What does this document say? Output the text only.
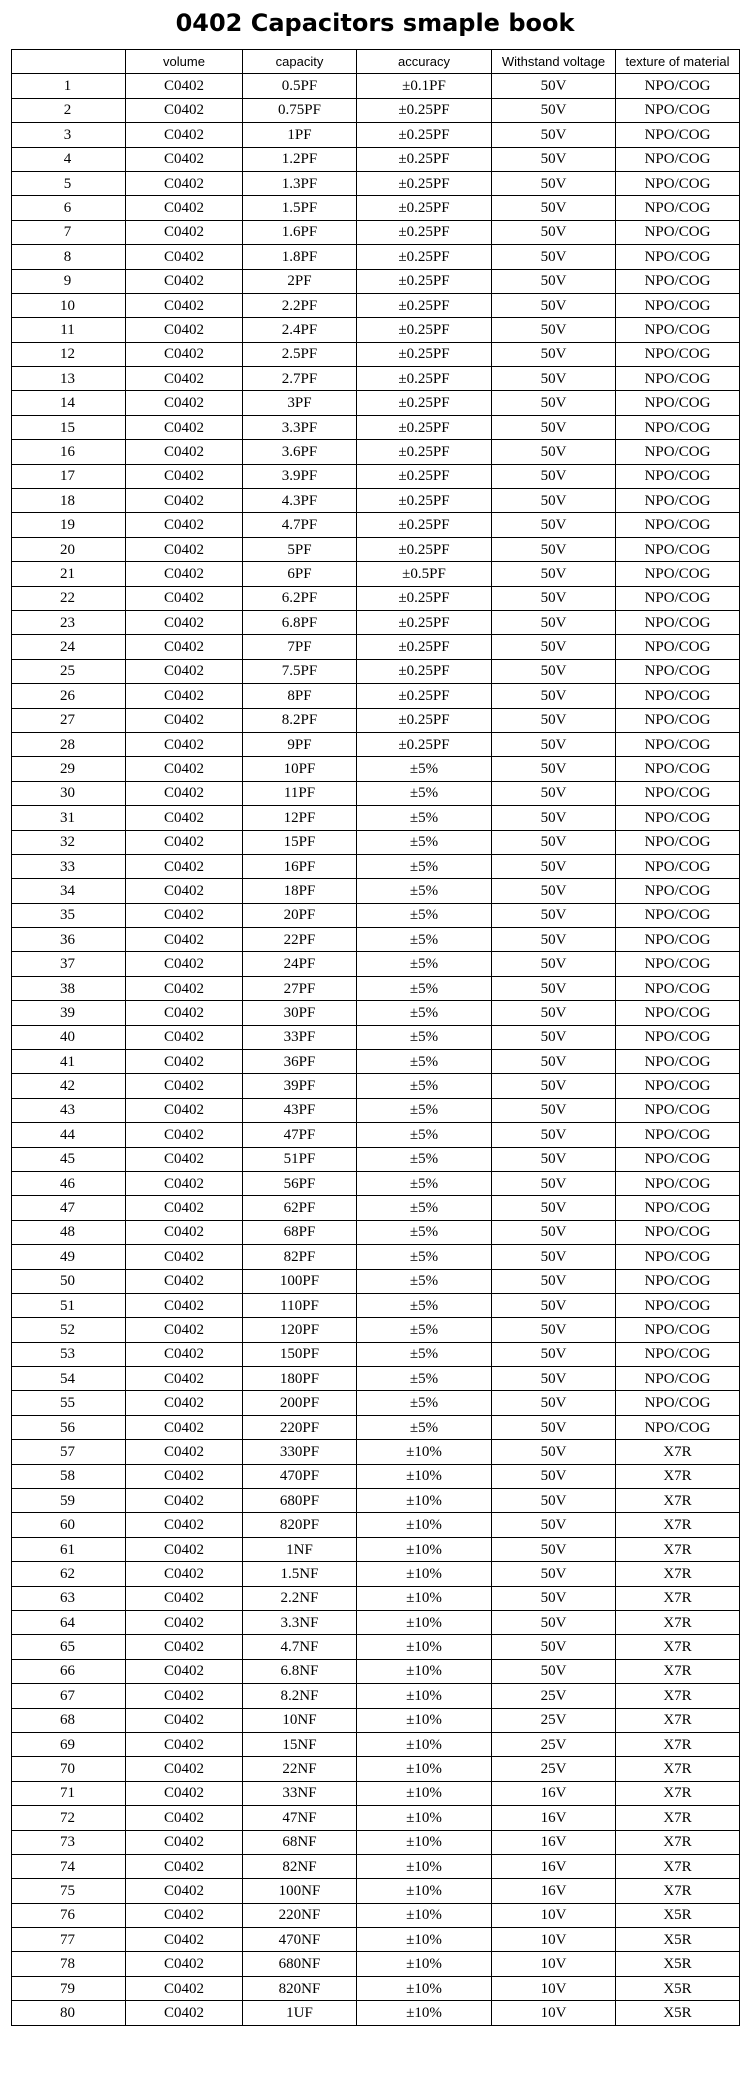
0402 Capacitors smaple book
	volume	capacity	accuracy	Withstand voltage	texture of material
1	C0402	0.5PF	±0.1PF	50V	NPO/COG
2	C0402	0.75PF	±0.25PF	50V	NPO/COG
3	C0402	1PF	±0.25PF	50V	NPO/COG
4	C0402	1.2PF	±0.25PF	50V	NPO/COG
5	C0402	1.3PF	±0.25PF	50V	NPO/COG
6	C0402	1.5PF	±0.25PF	50V	NPO/COG
7	C0402	1.6PF	±0.25PF	50V	NPO/COG
8	C0402	1.8PF	±0.25PF	50V	NPO/COG
9	C0402	2PF	±0.25PF	50V	NPO/COG
10	C0402	2.2PF	±0.25PF	50V	NPO/COG
11	C0402	2.4PF	±0.25PF	50V	NPO/COG
12	C0402	2.5PF	±0.25PF	50V	NPO/COG
13	C0402	2.7PF	±0.25PF	50V	NPO/COG
14	C0402	3PF	±0.25PF	50V	NPO/COG
15	C0402	3.3PF	±0.25PF	50V	NPO/COG
16	C0402	3.6PF	±0.25PF	50V	NPO/COG
17	C0402	3.9PF	±0.25PF	50V	NPO/COG
18	C0402	4.3PF	±0.25PF	50V	NPO/COG
19	C0402	4.7PF	±0.25PF	50V	NPO/COG
20	C0402	5PF	±0.25PF	50V	NPO/COG
21	C0402	6PF	±0.5PF	50V	NPO/COG
22	C0402	6.2PF	±0.25PF	50V	NPO/COG
23	C0402	6.8PF	±0.25PF	50V	NPO/COG
24	C0402	7PF	±0.25PF	50V	NPO/COG
25	C0402	7.5PF	±0.25PF	50V	NPO/COG
26	C0402	8PF	±0.25PF	50V	NPO/COG
27	C0402	8.2PF	±0.25PF	50V	NPO/COG
28	C0402	9PF	±0.25PF	50V	NPO/COG
29	C0402	10PF	±5%	50V	NPO/COG
30	C0402	11PF	±5%	50V	NPO/COG
31	C0402	12PF	±5%	50V	NPO/COG
32	C0402	15PF	±5%	50V	NPO/COG
33	C0402	16PF	±5%	50V	NPO/COG
34	C0402	18PF	±5%	50V	NPO/COG
35	C0402	20PF	±5%	50V	NPO/COG
36	C0402	22PF	±5%	50V	NPO/COG
37	C0402	24PF	±5%	50V	NPO/COG
38	C0402	27PF	±5%	50V	NPO/COG
39	C0402	30PF	±5%	50V	NPO/COG
40	C0402	33PF	±5%	50V	NPO/COG
41	C0402	36PF	±5%	50V	NPO/COG
42	C0402	39PF	±5%	50V	NPO/COG
43	C0402	43PF	±5%	50V	NPO/COG
44	C0402	47PF	±5%	50V	NPO/COG
45	C0402	51PF	±5%	50V	NPO/COG
46	C0402	56PF	±5%	50V	NPO/COG
47	C0402	62PF	±5%	50V	NPO/COG
48	C0402	68PF	±5%	50V	NPO/COG
49	C0402	82PF	±5%	50V	NPO/COG
50	C0402	100PF	±5%	50V	NPO/COG
51	C0402	110PF	±5%	50V	NPO/COG
52	C0402	120PF	±5%	50V	NPO/COG
53	C0402	150PF	±5%	50V	NPO/COG
54	C0402	180PF	±5%	50V	NPO/COG
55	C0402	200PF	±5%	50V	NPO/COG
56	C0402	220PF	±5%	50V	NPO/COG
57	C0402	330PF	±10%	50V	X7R
58	C0402	470PF	±10%	50V	X7R
59	C0402	680PF	±10%	50V	X7R
60	C0402	820PF	±10%	50V	X7R
61	C0402	1NF	±10%	50V	X7R
62	C0402	1.5NF	±10%	50V	X7R
63	C0402	2.2NF	±10%	50V	X7R
64	C0402	3.3NF	±10%	50V	X7R
65	C0402	4.7NF	±10%	50V	X7R
66	C0402	6.8NF	±10%	50V	X7R
67	C0402	8.2NF	±10%	25V	X7R
68	C0402	10NF	±10%	25V	X7R
69	C0402	15NF	±10%	25V	X7R
70	C0402	22NF	±10%	25V	X7R
71	C0402	33NF	±10%	16V	X7R
72	C0402	47NF	±10%	16V	X7R
73	C0402	68NF	±10%	16V	X7R
74	C0402	82NF	±10%	16V	X7R
75	C0402	100NF	±10%	16V	X7R
76	C0402	220NF	±10%	10V	X5R
77	C0402	470NF	±10%	10V	X5R
78	C0402	680NF	±10%	10V	X5R
79	C0402	820NF	±10%	10V	X5R
80	C0402	1UF	±10%	10V	X5R
